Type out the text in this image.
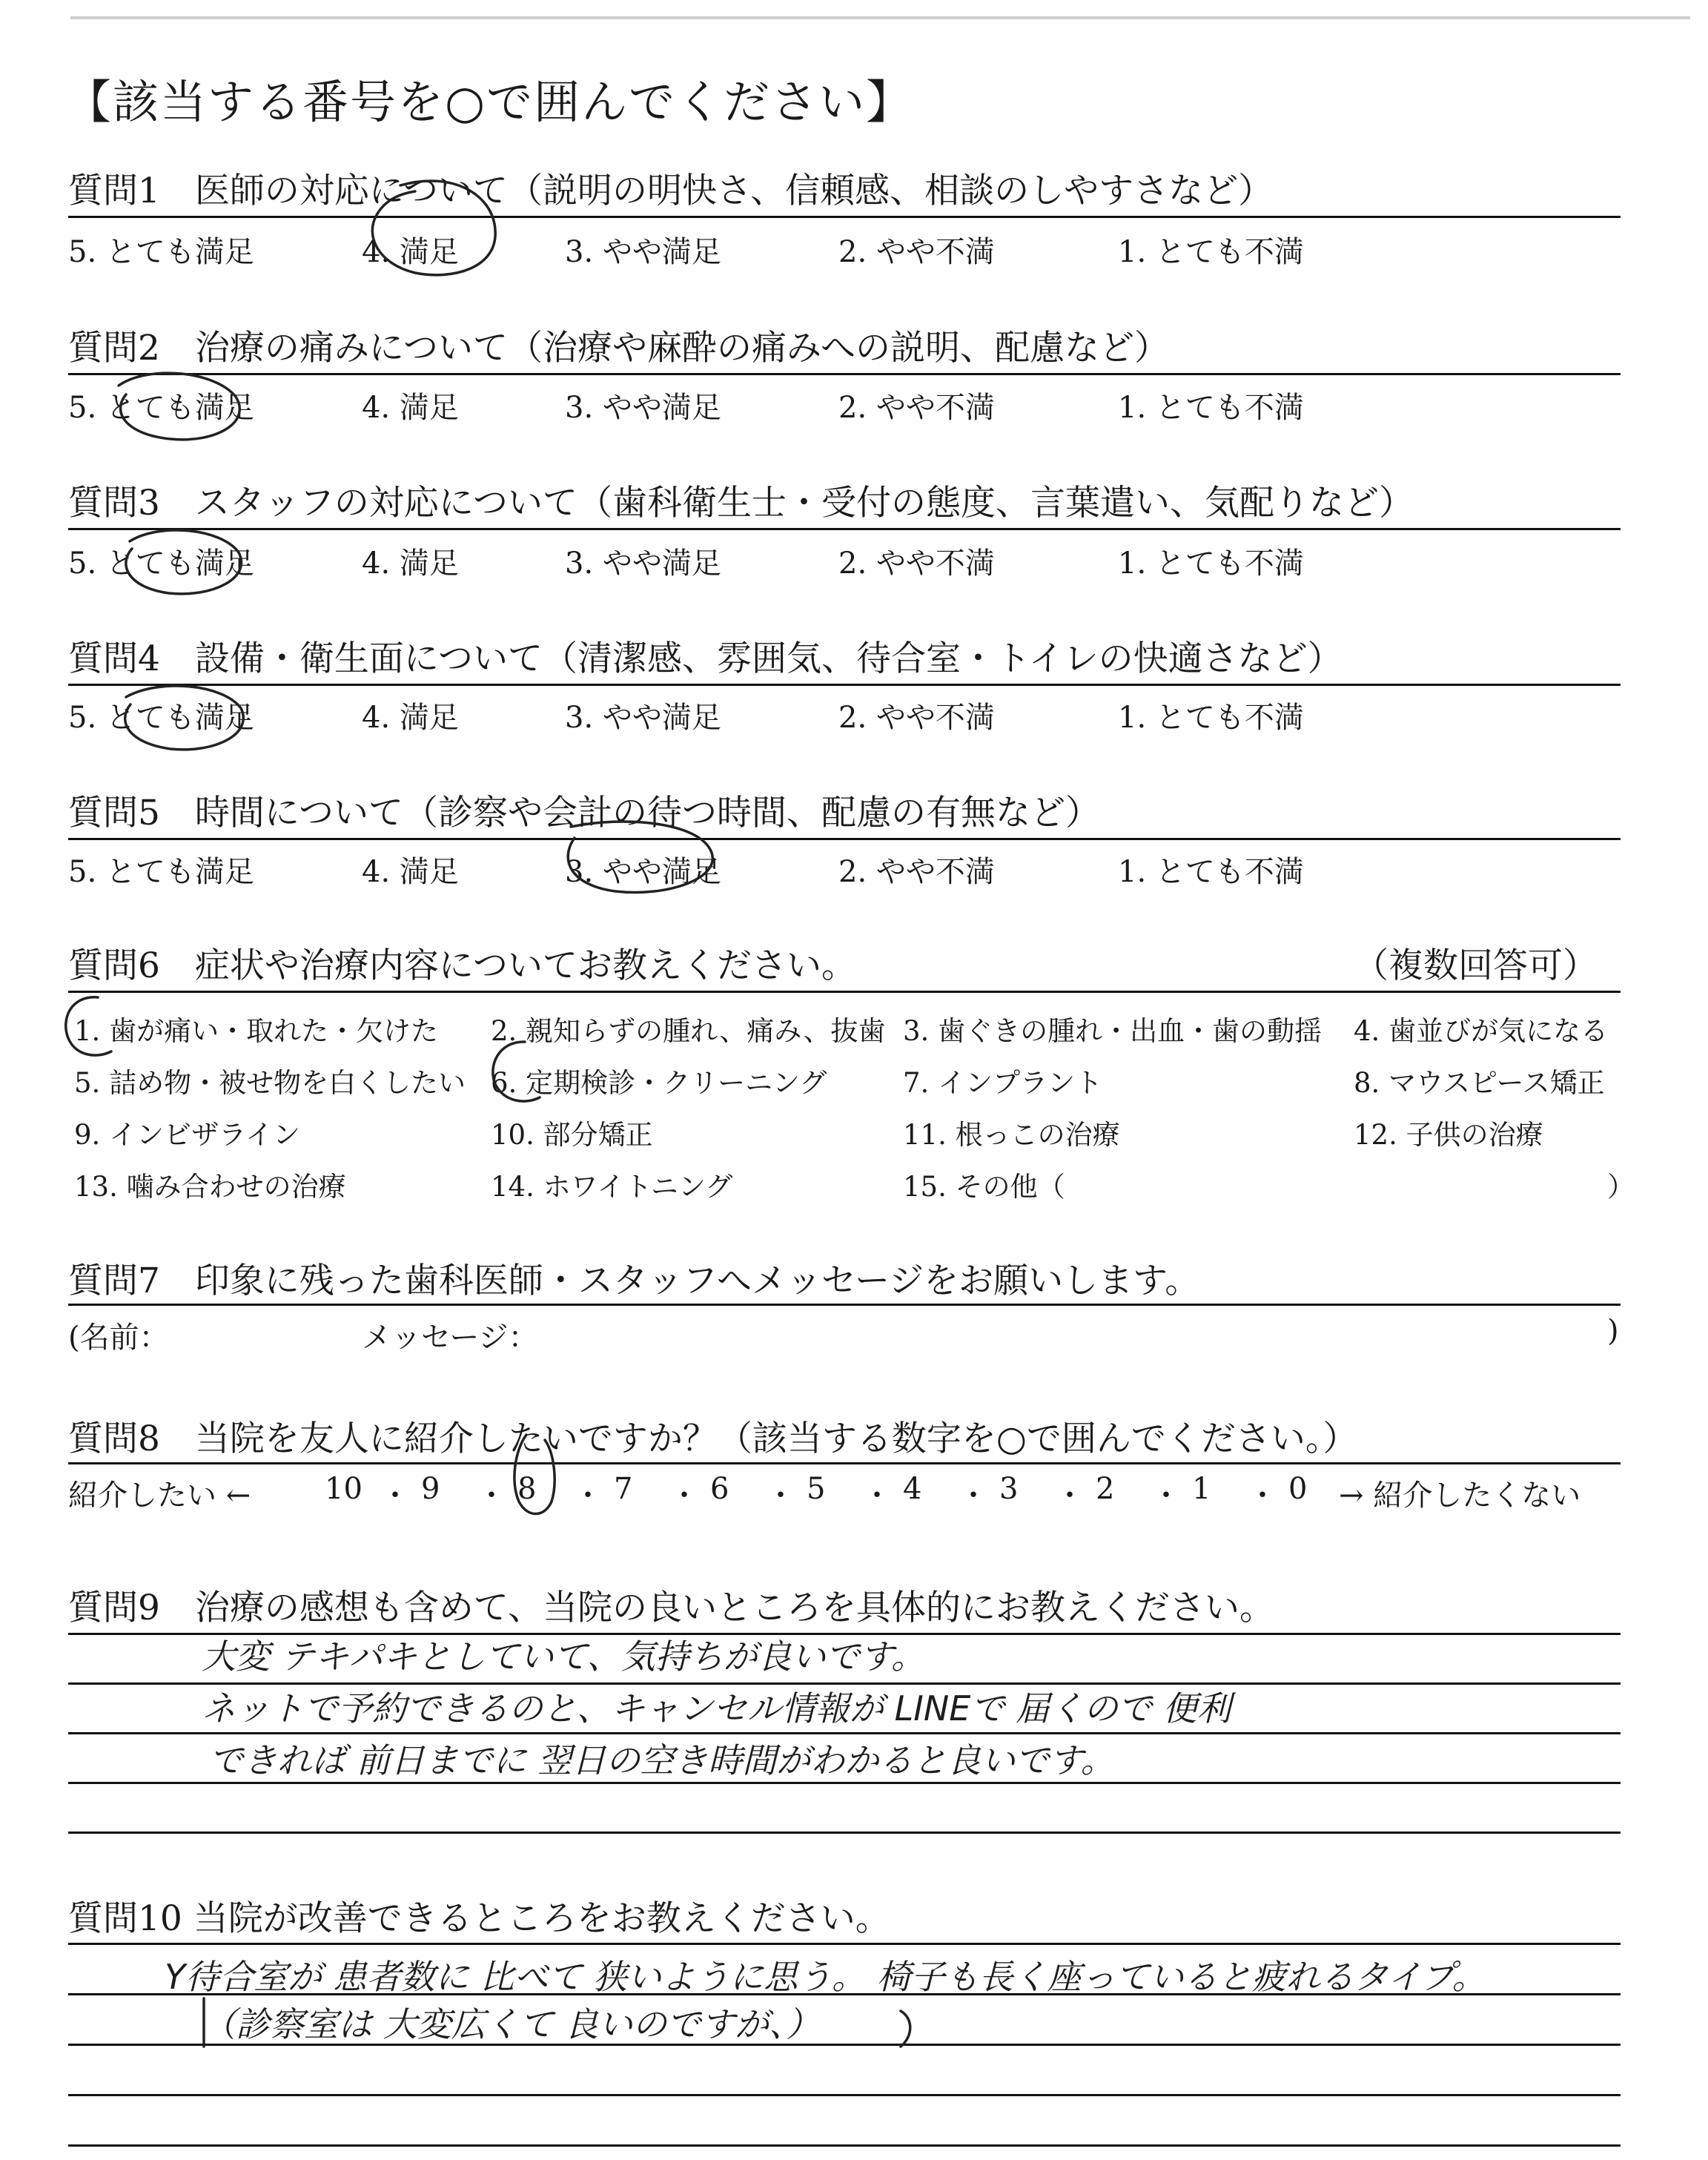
【該当する番号を○で囲んでください】
質問1　医師の対応について（説明の明快さ、信頼感、相談のしやすさなど）
5. とても満足	4. 満足	3. やや満足	2. やや不満	1. とても不満
質問2　治療の痛みについて（治療や麻酔の痛みへの説明、配慮など）
5. とても満足	4. 満足	3. やや満足	2. やや不満	1. とても不満
質問3　スタッフの対応について（歯科衛生士・受付の態度、言葉遣い、気配りなど）
5. とても満足	4. 満足	3. やや満足	2. やや不満	1. とても不満
質問4　設備・衛生面について（清潔感、雰囲気、待合室・トイレの快適さなど）
5. とても満足	4. 満足	3. やや満足	2. やや不満	1. とても不満
質問5　時間について（診察や会計の待つ時間、配慮の有無など）
5. とても満足	4. 満足	3. やや満足	2. やや不満	1. とても不満
質問6　症状や治療内容についてお教えください。	（複数回答可）
1. 歯が痛い・取れた・欠けた 2. 親知らずの腫れ、痛み、抜歯 3. 歯ぐきの腫れ・出血・歯の動揺 4. 歯並びが気になる
5. 詰め物・被せ物を白くしたい 6. 定期検診・クリーニング	7. インプラント	8. マウスピース矯正
9. インビザライン	10. 部分矯正	11. 根っこの治療	12. 子供の治療
13. 噛み合わせの治療	14. ホワイトニング	15. その他（	）
質問7　印象に残った歯科医師・スタッフへメッセージをお願いします。
(名前：	メッセージ：	)
質問8　当院を友人に紹介したいですか？（該当する数字を○で囲んでください。）
紹介したい ←	→ 紹介したくない
10 ・ 9 ・ 8 ・ 7 ・ 6 ・ 5 ・ 4 ・ 3 ・ 2 ・ 1 ・ 0
質問9　治療の感想も含めて、当院の良いところを具体的にお教えください。
大変 テキパキとしていて、気持ちが良いです。
ネットで予約できるのと、キャンセル情報が LINEで 届くので 便利
できれば 前日までに 翌日の空き時間がわかると良いです。
質問10 当院が改善できるところをお教えください。
Y待合室が 患者数に 比べて 狭いように思う。 椅子も長く座っていると疲れるタイプ。
（診察室は 大変広くて 良いのですが、）
